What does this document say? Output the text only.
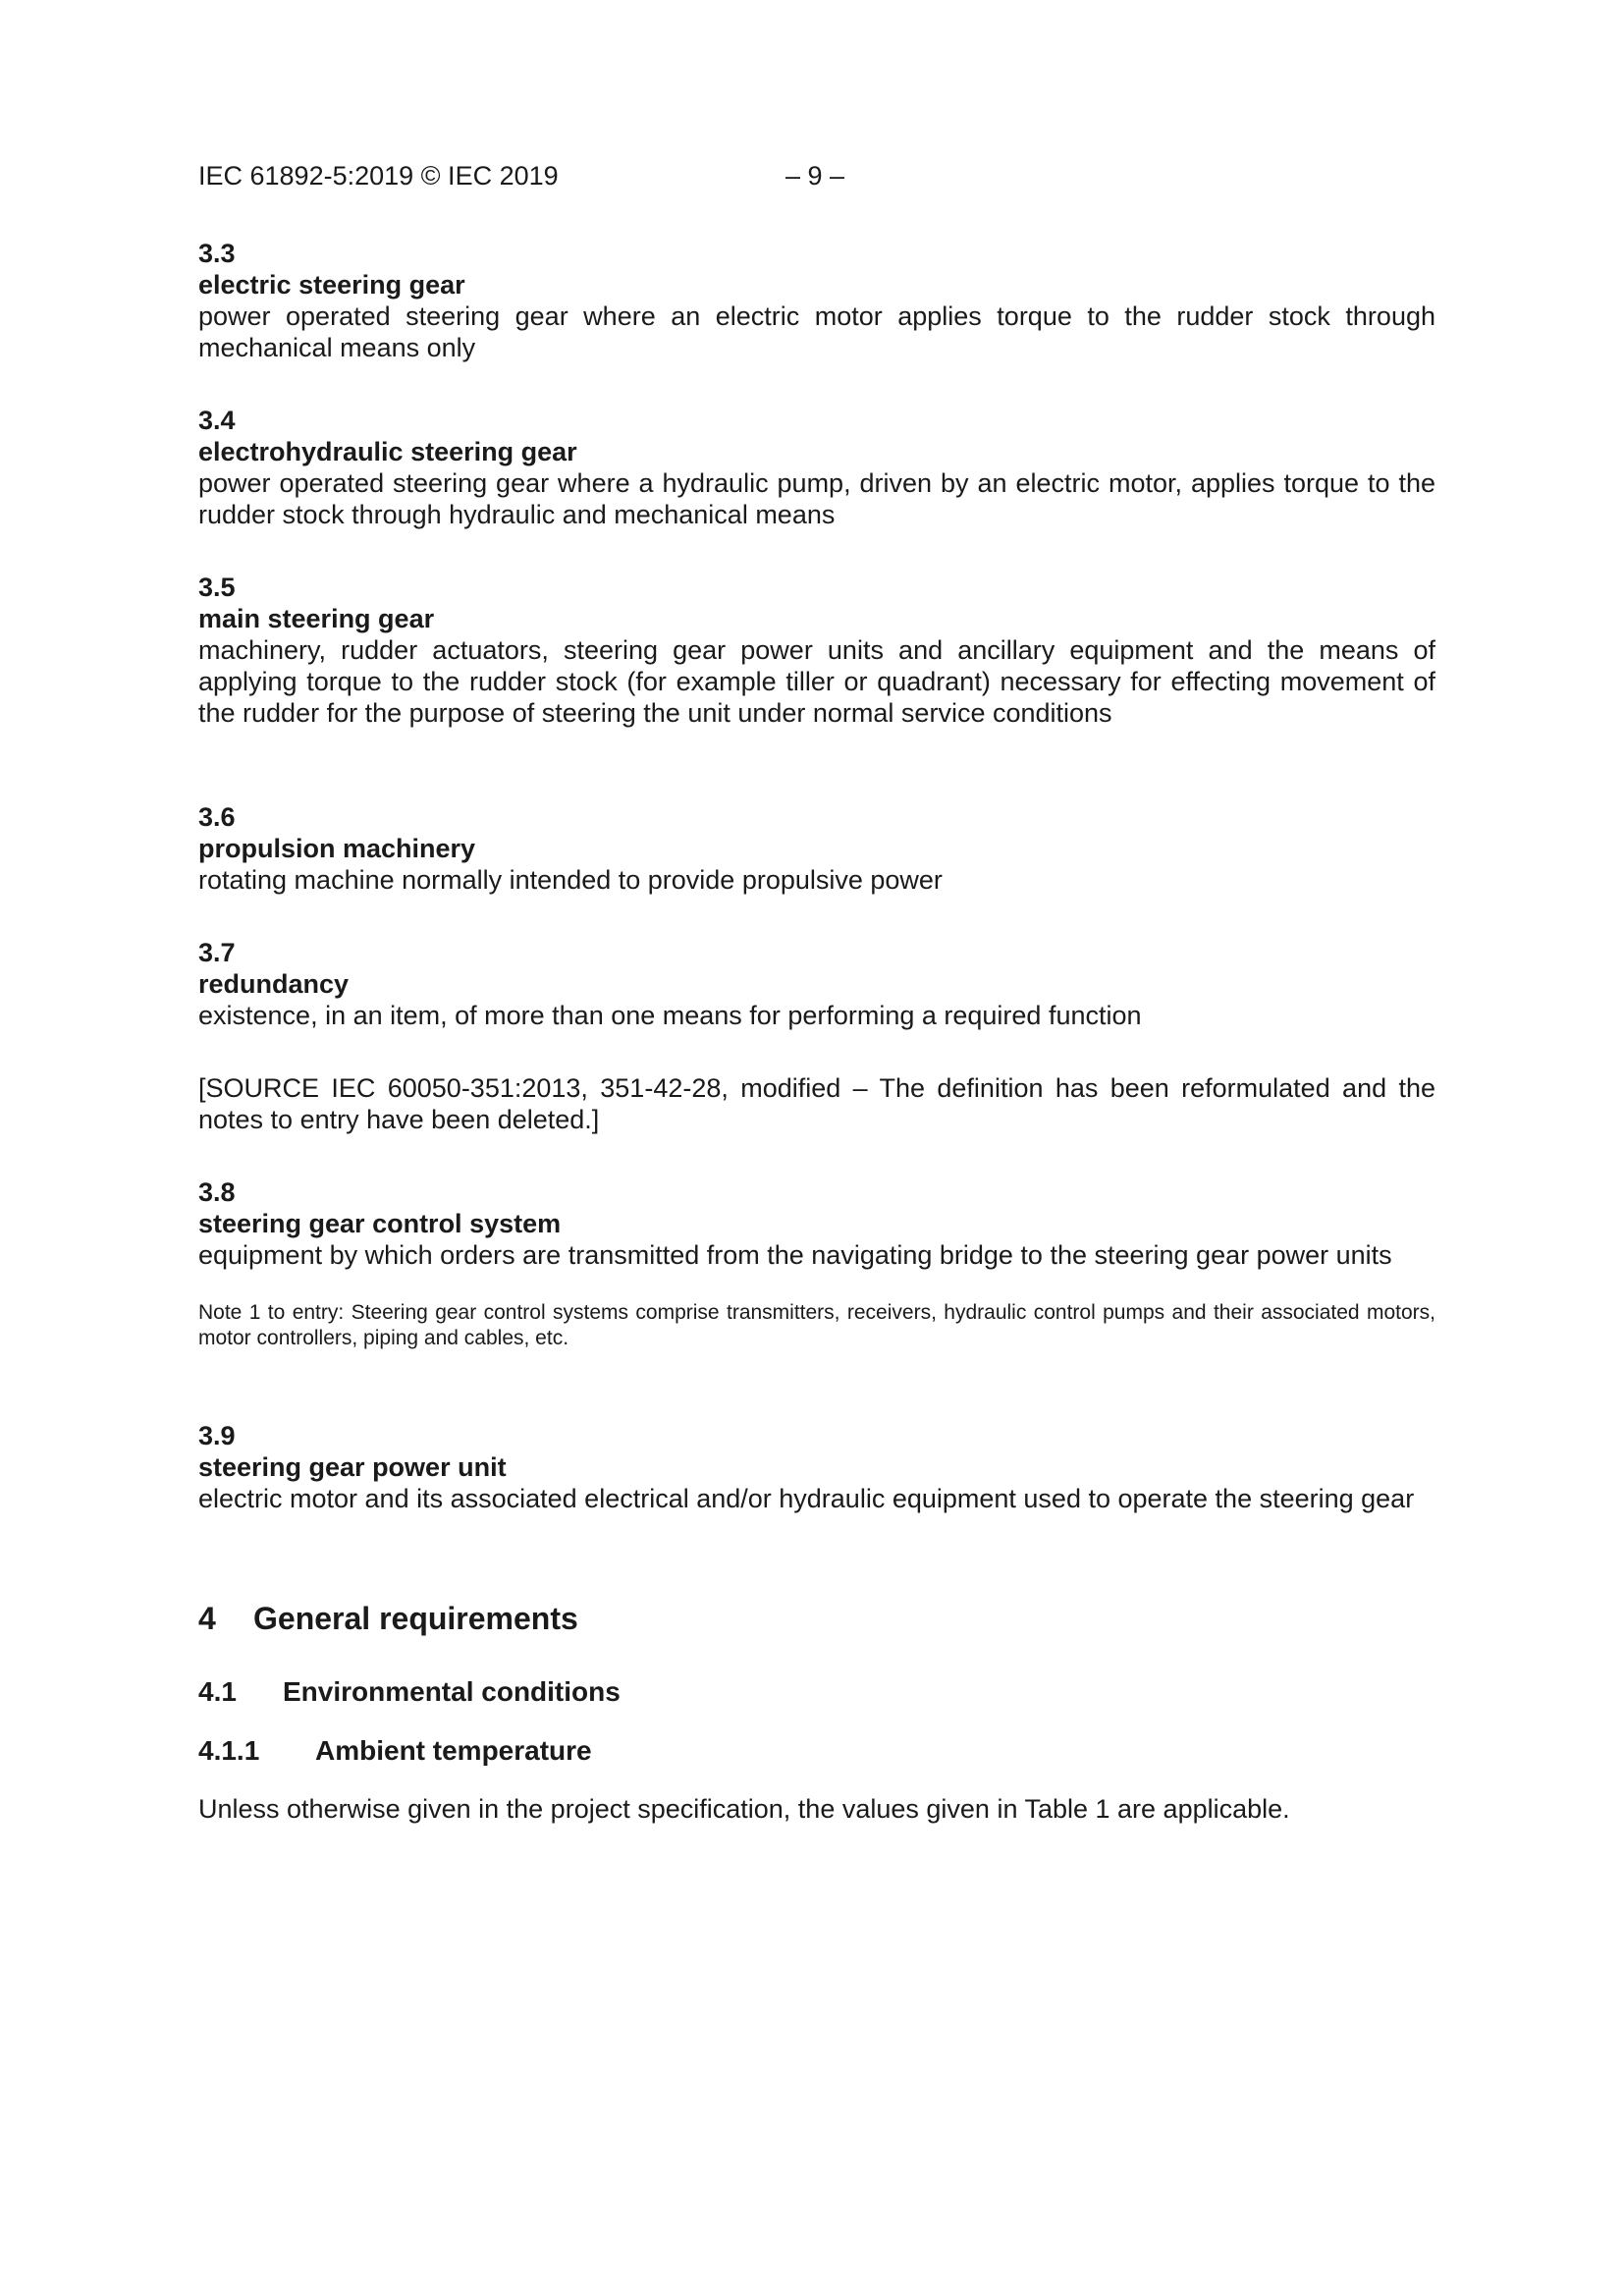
IEC 61892-5:2019 © IEC 2019	– 9 –
3.3
electric steering gear
power operated steering gear where an electric motor applies torque to the rudder stock through mechanical means only
3.4
electrohydraulic steering gear
power operated steering gear where a hydraulic pump, driven by an electric motor, applies torque to the rudder stock through hydraulic and mechanical means
3.5
main steering gear
machinery, rudder actuators, steering gear power units and ancillary equipment and the means of applying torque to the rudder stock (for example tiller or quadrant) necessary for effecting movement of the rudder for the purpose of steering the unit under normal service conditions
3.6
propulsion machinery
rotating machine normally intended to provide propulsive power
3.7
redundancy
existence, in an item, of more than one means for performing a required function
[SOURCE IEC 60050-351:2013, 351-42-28, modified – The definition has been reformulated and the notes to entry have been deleted.]
3.8
steering gear control system
equipment by which orders are transmitted from the navigating bridge to the steering gear power units
Note 1 to entry: Steering gear control systems comprise transmitters, receivers, hydraulic control pumps and their associated motors, motor controllers, piping and cables, etc.
3.9
steering gear power unit
electric motor and its associated electrical and/or hydraulic equipment used to operate the steering gear
4 General requirements
4.1 Environmental conditions
4.1.1 Ambient temperature
Unless otherwise given in the project specification, the values given in Table 1 are applicable.
